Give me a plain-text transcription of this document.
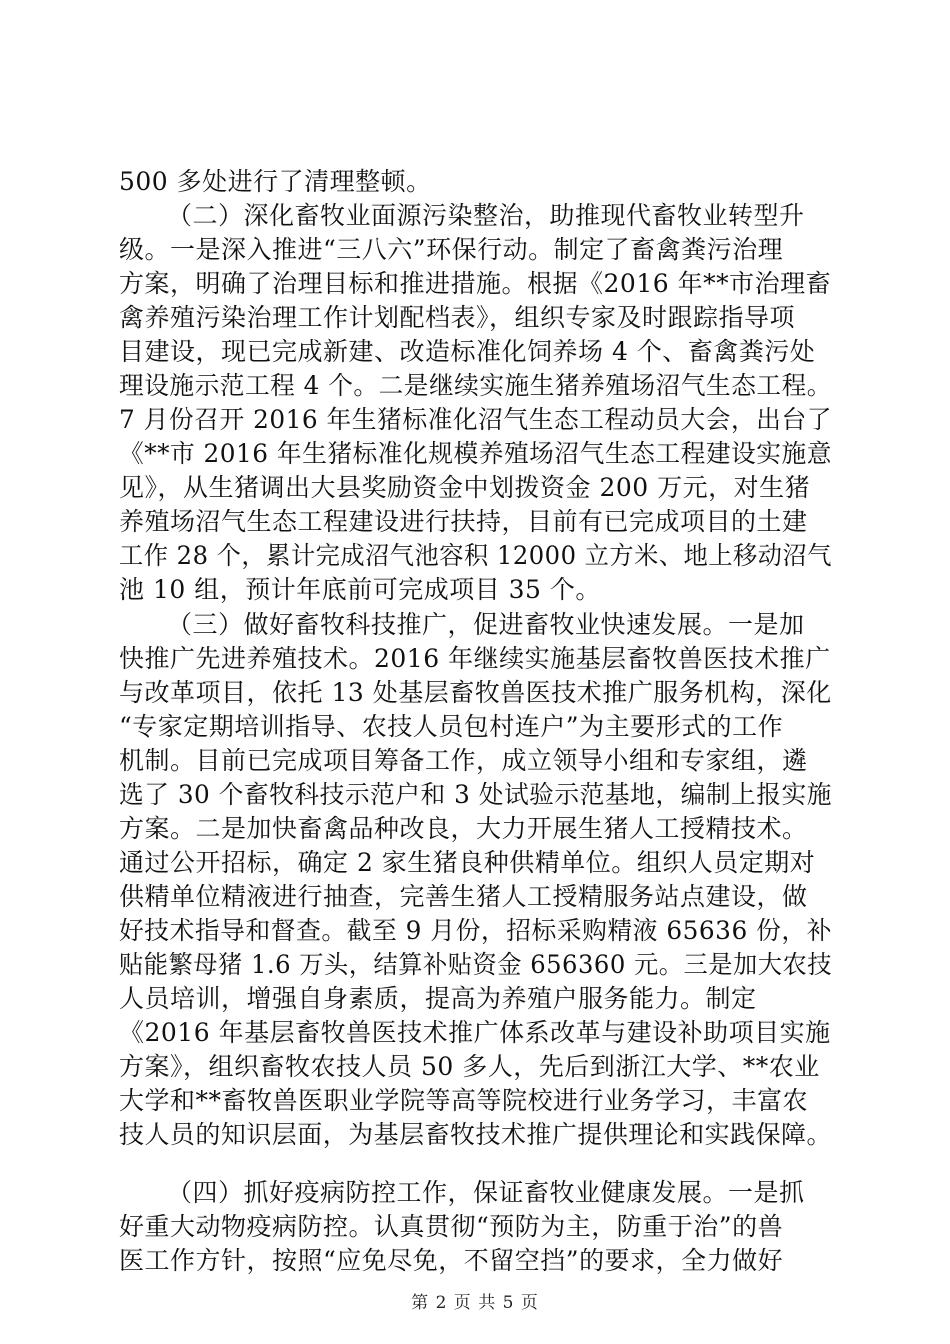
500 多处进行了清理整顿。
（二）深化畜牧业面源污染整治，助推现代畜牧业转型升
级。一是深入推进“三八六”环保行动。制定了畜禽粪污治理
方案，明确了治理目标和推进措施。根据《2016 年**市治理畜
禽养殖污染治理工作计划配档表》，组织专家及时跟踪指导项
目建设，现已完成新建、改造标准化饲养场 4 个、畜禽粪污处
理设施示范工程 4 个。二是继续实施生猪养殖场沼气生态工程。
7 月份召开 2016 年生猪标准化沼气生态工程动员大会，出台了
《**市 2016 年生猪标准化规模养殖场沼气生态工程建设实施意
见》，从生猪调出大县奖励资金中划拨资金 200 万元，对生猪
养殖场沼气生态工程建设进行扶持，目前有已完成项目的土建
工作 28 个，累计完成沼气池容积 12000 立方米、地上移动沼气
池 10 组，预计年底前可完成项目 35 个。
（三）做好畜牧科技推广，促进畜牧业快速发展。一是加
快推广先进养殖技术。2016 年继续实施基层畜牧兽医技术推广
与改革项目，依托 13 处基层畜牧兽医技术推广服务机构，深化
“专家定期培训指导、农技人员包村连户”为主要形式的工作
机制。目前已完成项目筹备工作，成立领导小组和专家组，遴
选了 30 个畜牧科技示范户和 3 处试验示范基地，编制上报实施
方案。二是加快畜禽品种改良，大力开展生猪人工授精技术。
通过公开招标，确定 2 家生猪良种供精单位。组织人员定期对
供精单位精液进行抽查，完善生猪人工授精服务站点建设，做
好技术指导和督查。截至 9 月份，招标采购精液 65636 份，补
贴能繁母猪 1.6 万头，结算补贴资金 656360 元。三是加大农技
人员培训，增强自身素质，提高为养殖户服务能力。制定
《2016 年基层畜牧兽医技术推广体系改革与建设补助项目实施
方案》，组织畜牧农技人员 50 多人，先后到浙江大学、**农业
大学和**畜牧兽医职业学院等高等院校进行业务学习，丰富农
技人员的知识层面，为基层畜牧技术推广提供理论和实践保障。
（四）抓好疫病防控工作，保证畜牧业健康发展。一是抓
好重大动物疫病防控。认真贯彻“预防为主，防重于治”的兽
医工作方针，按照“应免尽免，不留空挡”的要求，全力做好
第 2 页 共 5 页
